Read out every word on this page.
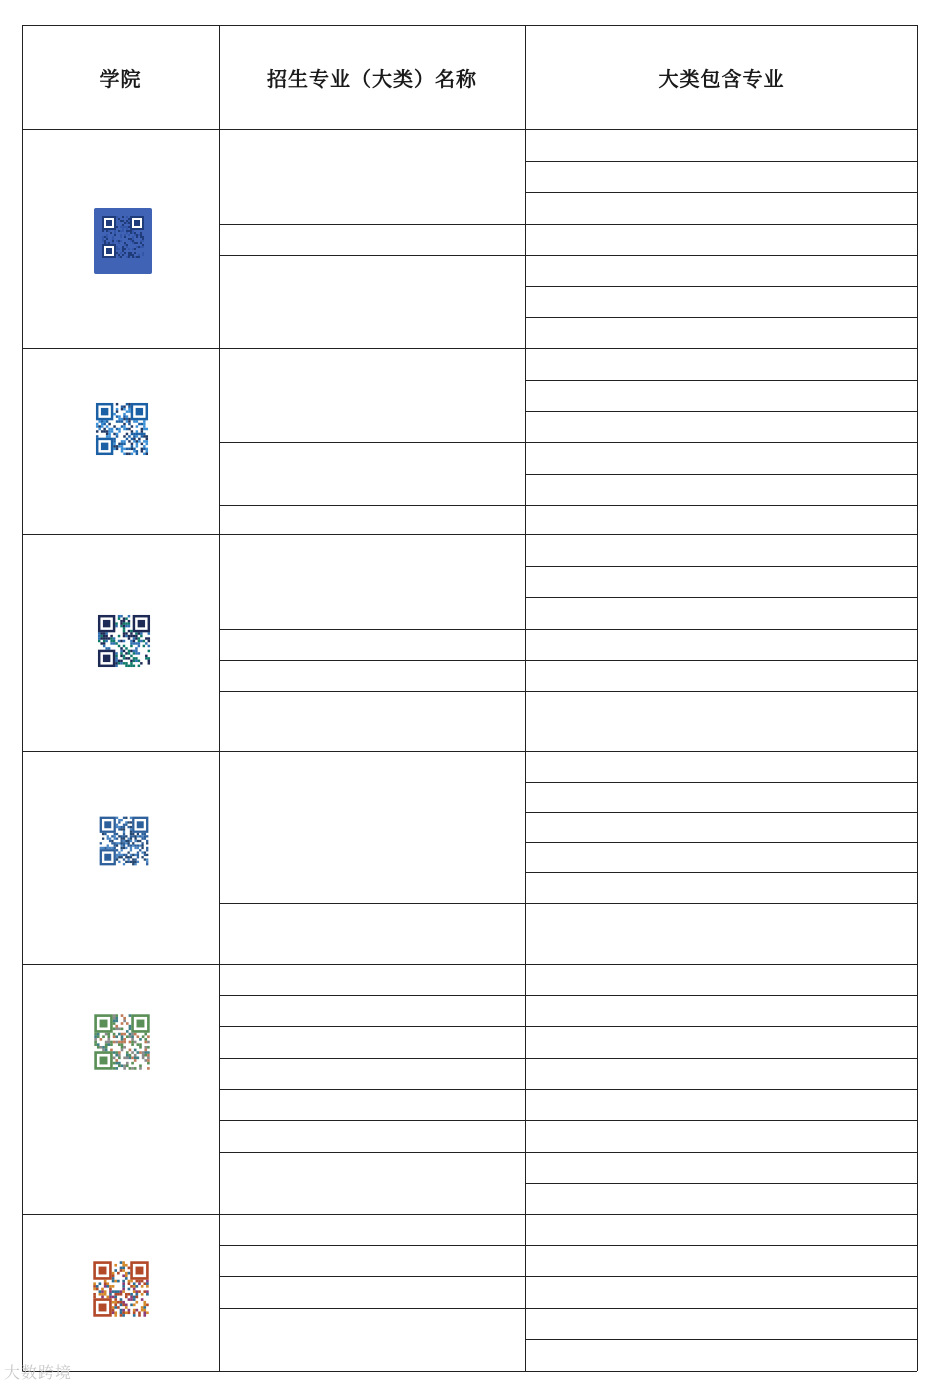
学院	招生专业（大类）名称	大类包含专业
大数跨境
